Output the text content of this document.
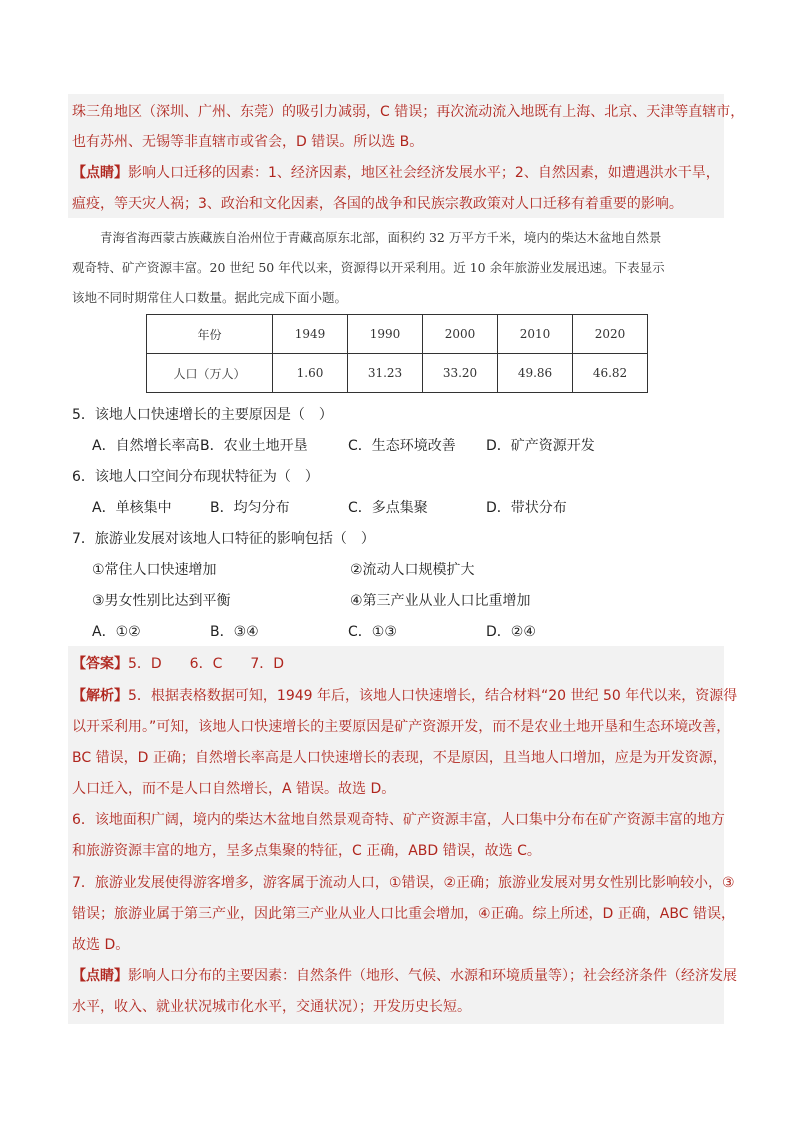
珠三角地区（深圳、广州、东莞）的吸引力减弱，C 错误；再次流动流入地既有上海、北京、天津等直辖市，
也有苏州、无锡等非直辖市或省会，D 错误。所以选 B。
【点睛】影响人口迁移的因素：1、经济因素，地区社会经济发展水平；2、自然因素，如遭遇洪水干旱，
瘟疫，等天灾人祸；3、政治和文化因素，各国的战争和民族宗教政策对人口迁移有着重要的影响。
青海省海西蒙古族藏族自治州位于青藏高原东北部，面积约 32 万平方千米，境内的柴达木盆地自然景
观奇特、矿产资源丰富。20 世纪 50 年代以来，资源得以开采利用。近 10 余年旅游业发展迅速。下表显示
该地不同时期常住人口数量。据此完成下面小题。
年份	1949	1990	2000	2010	2020
人口（万人）	1.60	31.23	33.20	49.86	46.82
5．该地人口快速增长的主要原因是（　）
A．自然增长率高 B．农业土地开垦	C．生态环境改善 D．矿产资源开发
6．该地人口空间分布现状特征为（　）
A．单核集中	B．均匀分布	C．多点集聚	D．带状分布
7．旅游业发展对该地人口特征的影响包括（　）
①常住人口快速增加	②流动人口规模扩大
③男女性别比达到平衡	④第三产业从业人口比重增加
A．①②	B．③④	C．①③	D．②④
【答案】5．D　　6．C　　7．D
【解析】5．根据表格数据可知，1949 年后，该地人口快速增长，结合材料“20 世纪 50 年代以来，资源得
以开采利用。”可知，该地人口快速增长的主要原因是矿产资源开发，而不是农业土地开垦和生态环境改善，
BC 错误，D 正确；自然增长率高是人口快速增长的表现，不是原因，且当地人口增加，应是为开发资源，
人口迁入，而不是人口自然增长，A 错误。故选 D。
6．该地面积广阔，境内的柴达木盆地自然景观奇特、矿产资源丰富，人口集中分布在矿产资源丰富的地方
和旅游资源丰富的地方，呈多点集聚的特征，C 正确，ABD 错误，故选 C。
7．旅游业发展使得游客增多，游客属于流动人口，①错误，②正确；旅游业发展对男女性别比影响较小，③
错误；旅游业属于第三产业，因此第三产业从业人口比重会增加，④正确。综上所述，D 正确，ABC 错误，
故选 D。
【点睛】影响人口分布的主要因素：自然条件（地形、气候、水源和环境质量等）；社会经济条件（经济发展
水平，收入、就业状况城市化水平，交通状况）；开发历史长短。
